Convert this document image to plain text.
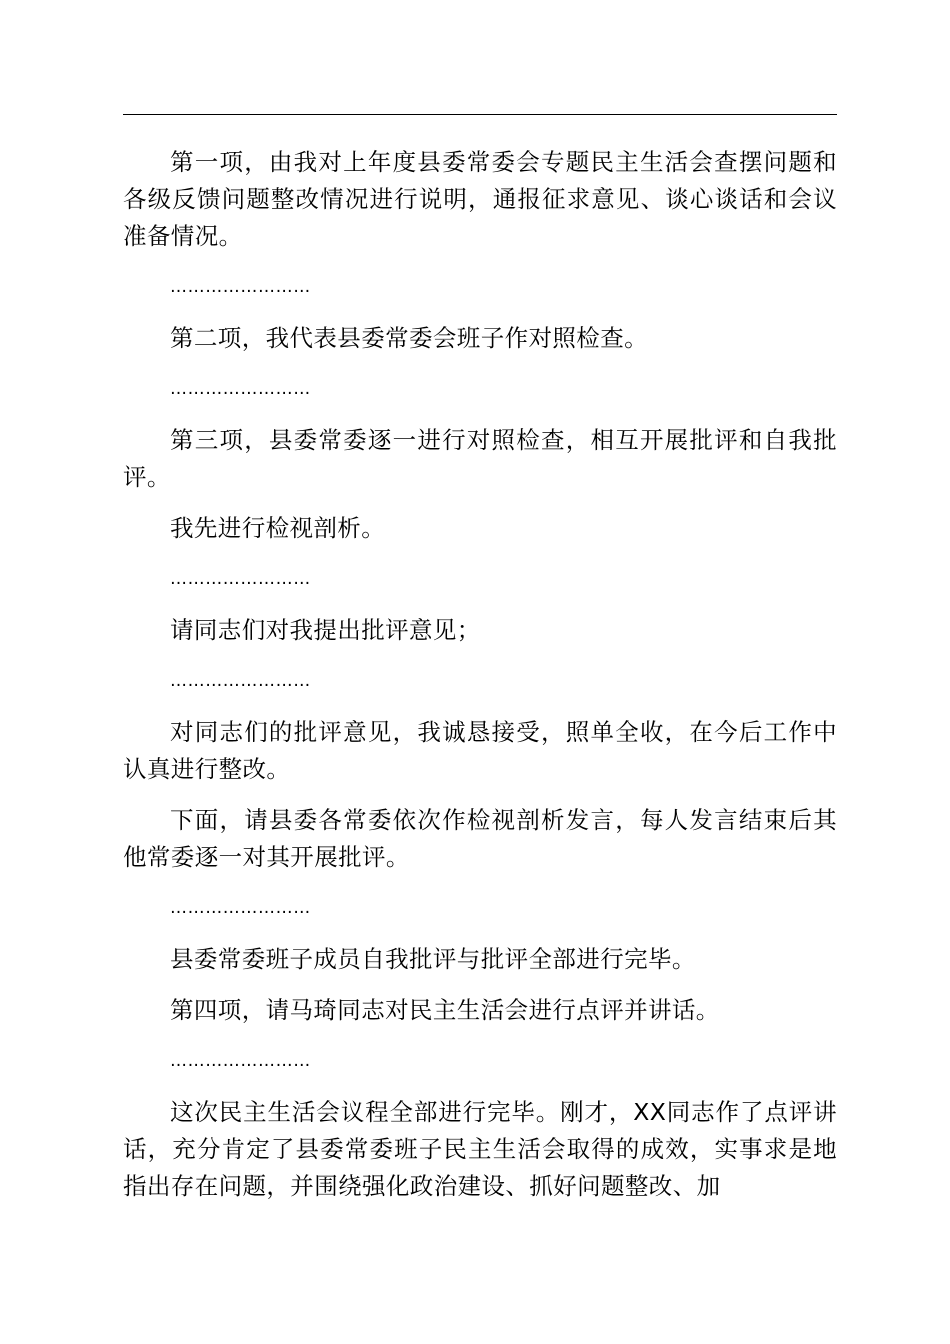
第一项，由我对上年度县委常委会专题民主生活会查摆问题和各级反馈问题整改情况进行说明，通报征求意见、谈心谈话和会议准备情况。

……………………

第二项，我代表县委常委会班子作对照检查。

……………………

第三项，县委常委逐一进行对照检查，相互开展批评和自我批评。

我先进行检视剖析。

……………………

请同志们对我提出批评意见；

……………………

对同志们的批评意见，我诚恳接受，照单全收，在今后工作中认真进行整改。

下面，请县委各常委依次作检视剖析发言，每人发言结束后其他常委逐一对其开展批评。

……………………

县委常委班子成员自我批评与批评全部进行完毕。

第四项，请马琦同志对民主生活会进行点评并讲话。

……………………

这次民主生活会议程全部进行完毕。刚才，XX同志作了点评讲话，充分肯定了县委常委班子民主生活会取得的成效，实事求是地指出存在问题，并围绕强化政治建设、抓好问题整改、加
